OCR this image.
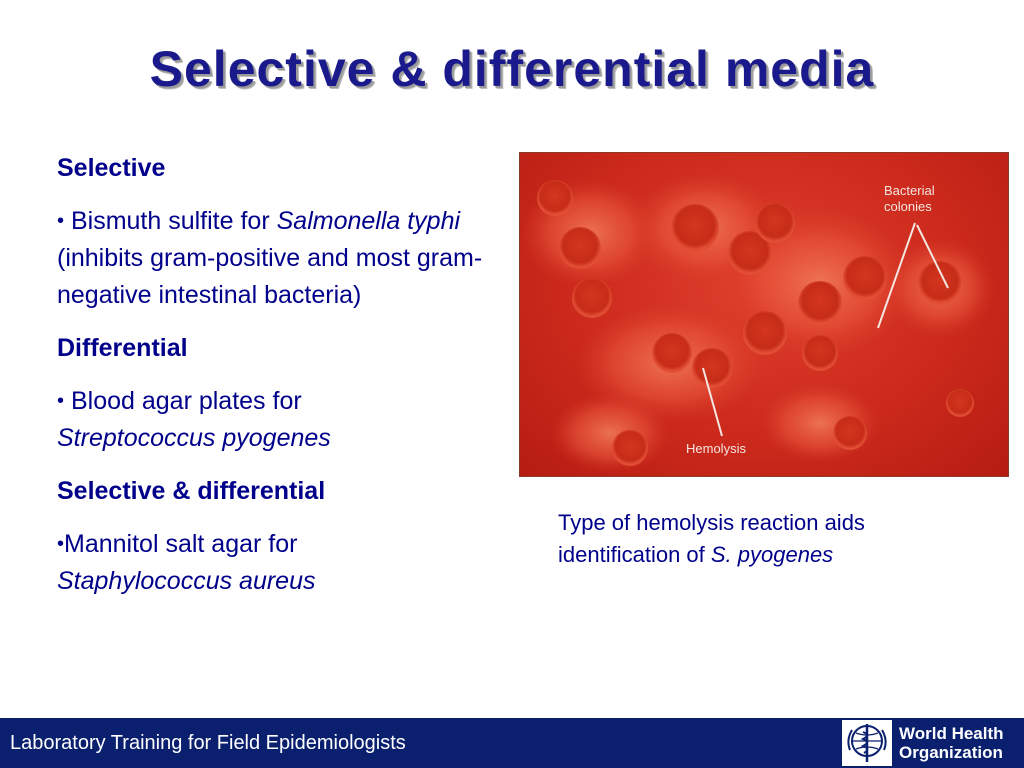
Selective & differential media
Selective
• Bismuth sulfite for Salmonella typhi (inhibits gram-positive and most gram-negative intestinal bacteria)
Differential
• Blood agar plates for
Streptococcus pyogenes
Selective & differential
•Mannitol salt agar for
Staphylococcus aureus
Bacterial colonies
Hemolysis
Type of hemolysis reaction aids identification of S. pyogenes
Laboratory Training for Field Epidemiologists	World Health
Organization
